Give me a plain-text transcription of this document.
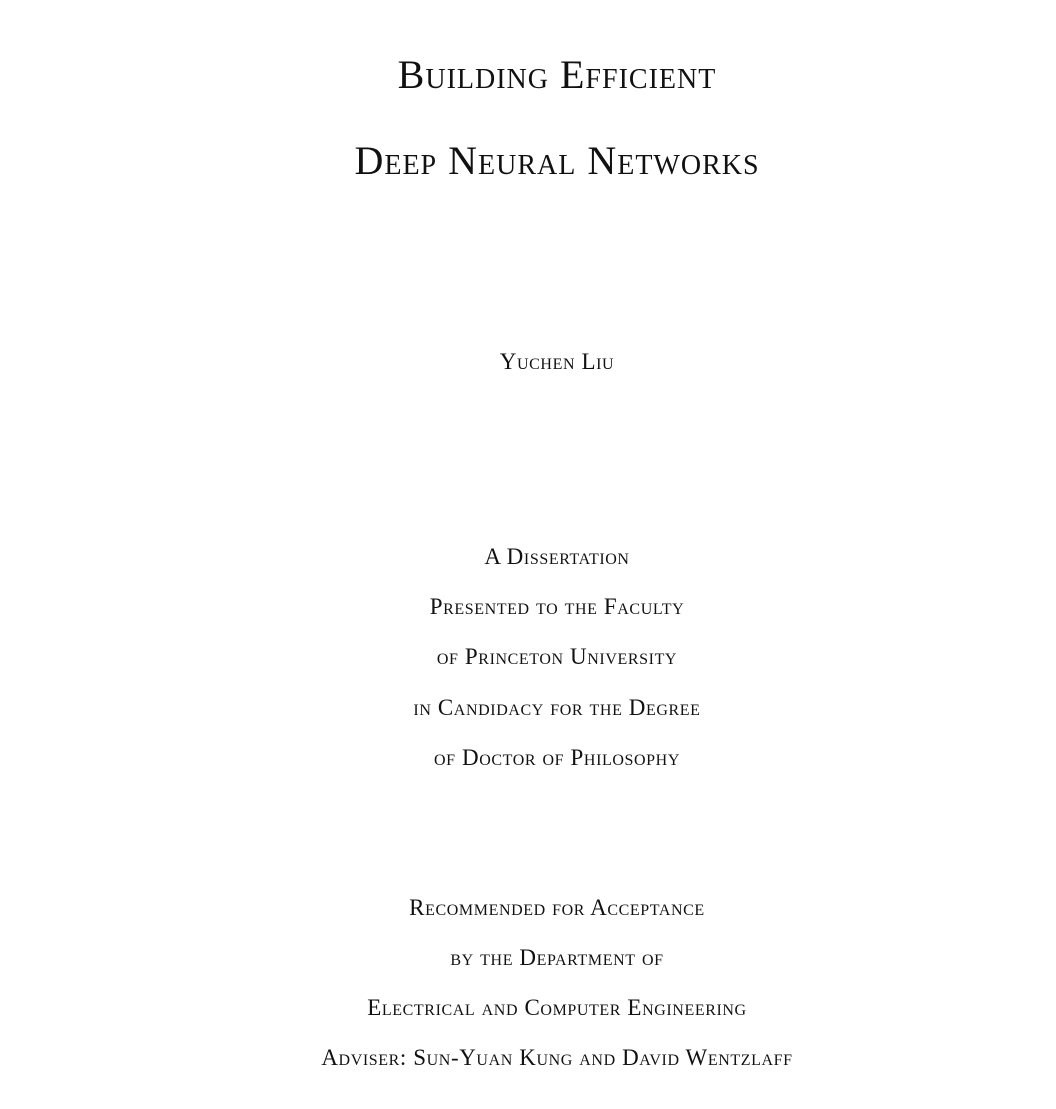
Building Efficient
Deep Neural Networks
Yuchen Liu
A Dissertation
Presented to the Faculty
of Princeton University
in Candidacy for the Degree
of Doctor of Philosophy
Recommended for Acceptance
by the Department of
Electrical and Computer Engineering
Adviser: Sun-Yuan Kung and David Wentzlaff
